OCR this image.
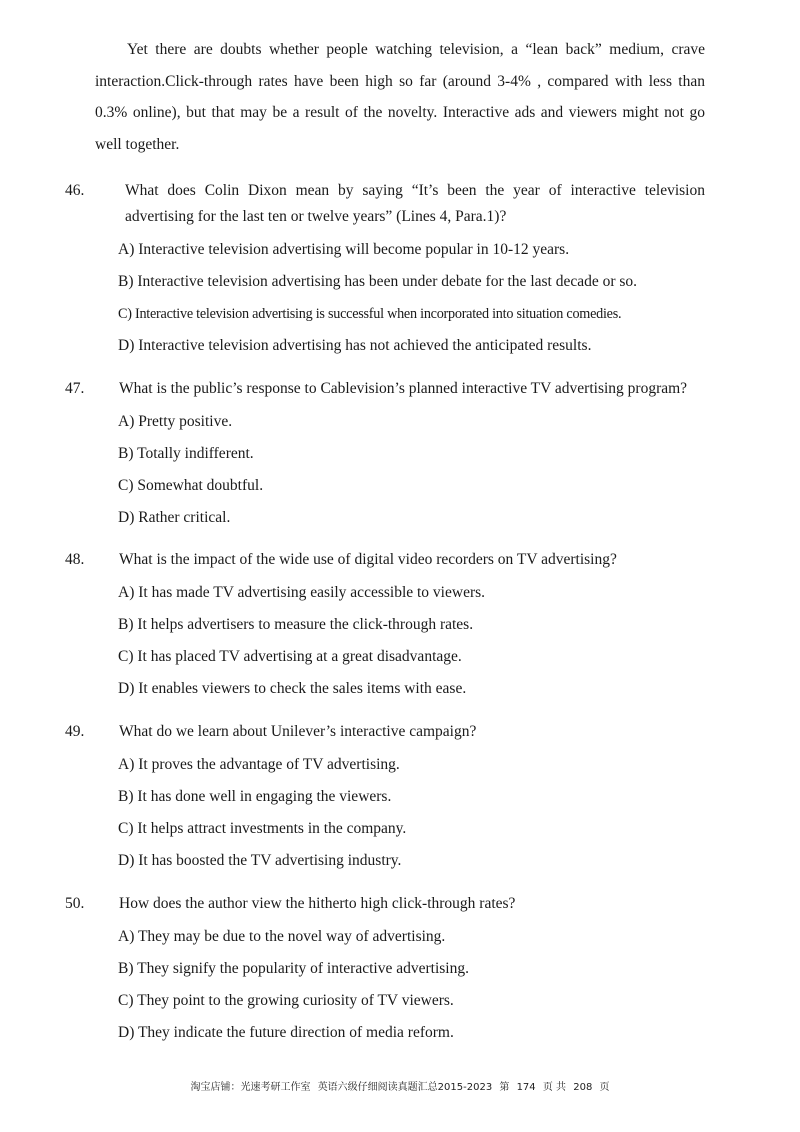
Yet there are doubts whether people watching television, a “lean back” medium, crave interaction.Click-through rates have been high so far (around 3-4% , compared with less than 0.3% online), but that may be a result of the novelty. Interactive ads and viewers might not go well together.

46.	What does Colin Dixon mean by saying “It’s been the year of interactive television advertising for the last ten or twelve years” (Lines 4, Para.1)?

A) Interactive television advertising will become popular in 10-12 years.
B) Interactive television advertising has been under debate for the last decade or so.
C) Interactive television advertising is successful when incorporated into situation comedies.
D) Interactive television advertising has not achieved the anticipated results.

47. What is the public’s response to Cablevision’s planned interactive TV advertising program?

A) Pretty positive.
B) Totally indifferent.
C) Somewhat doubtful.
D) Rather critical.

48. What is the impact of the wide use of digital video recorders on TV advertising?

A) It has made TV advertising easily accessible to viewers.
B) It helps advertisers to measure the click-through rates.
C) It has placed TV advertising at a great disadvantage.
D) It enables viewers to check the sales items with ease.

49. What do we learn about Unilever’s interactive campaign?

A) It proves the advantage of TV advertising.
B) It has done well in engaging the viewers.
C) It helps attract investments in the company.
D) It has boosted the TV advertising industry.

50. How does the author view the hitherto high click-through rates?

A) They may be due to the novel way of advertising.
B) They signify the popularity of interactive advertising.
C) They point to the growing curiosity of TV viewers.
D) They indicate the future direction of media reform.
淘宝店铺：光速考研工作室 英语六级仔细阅读真题汇总2015-2023 第 174 页 共 208 页
